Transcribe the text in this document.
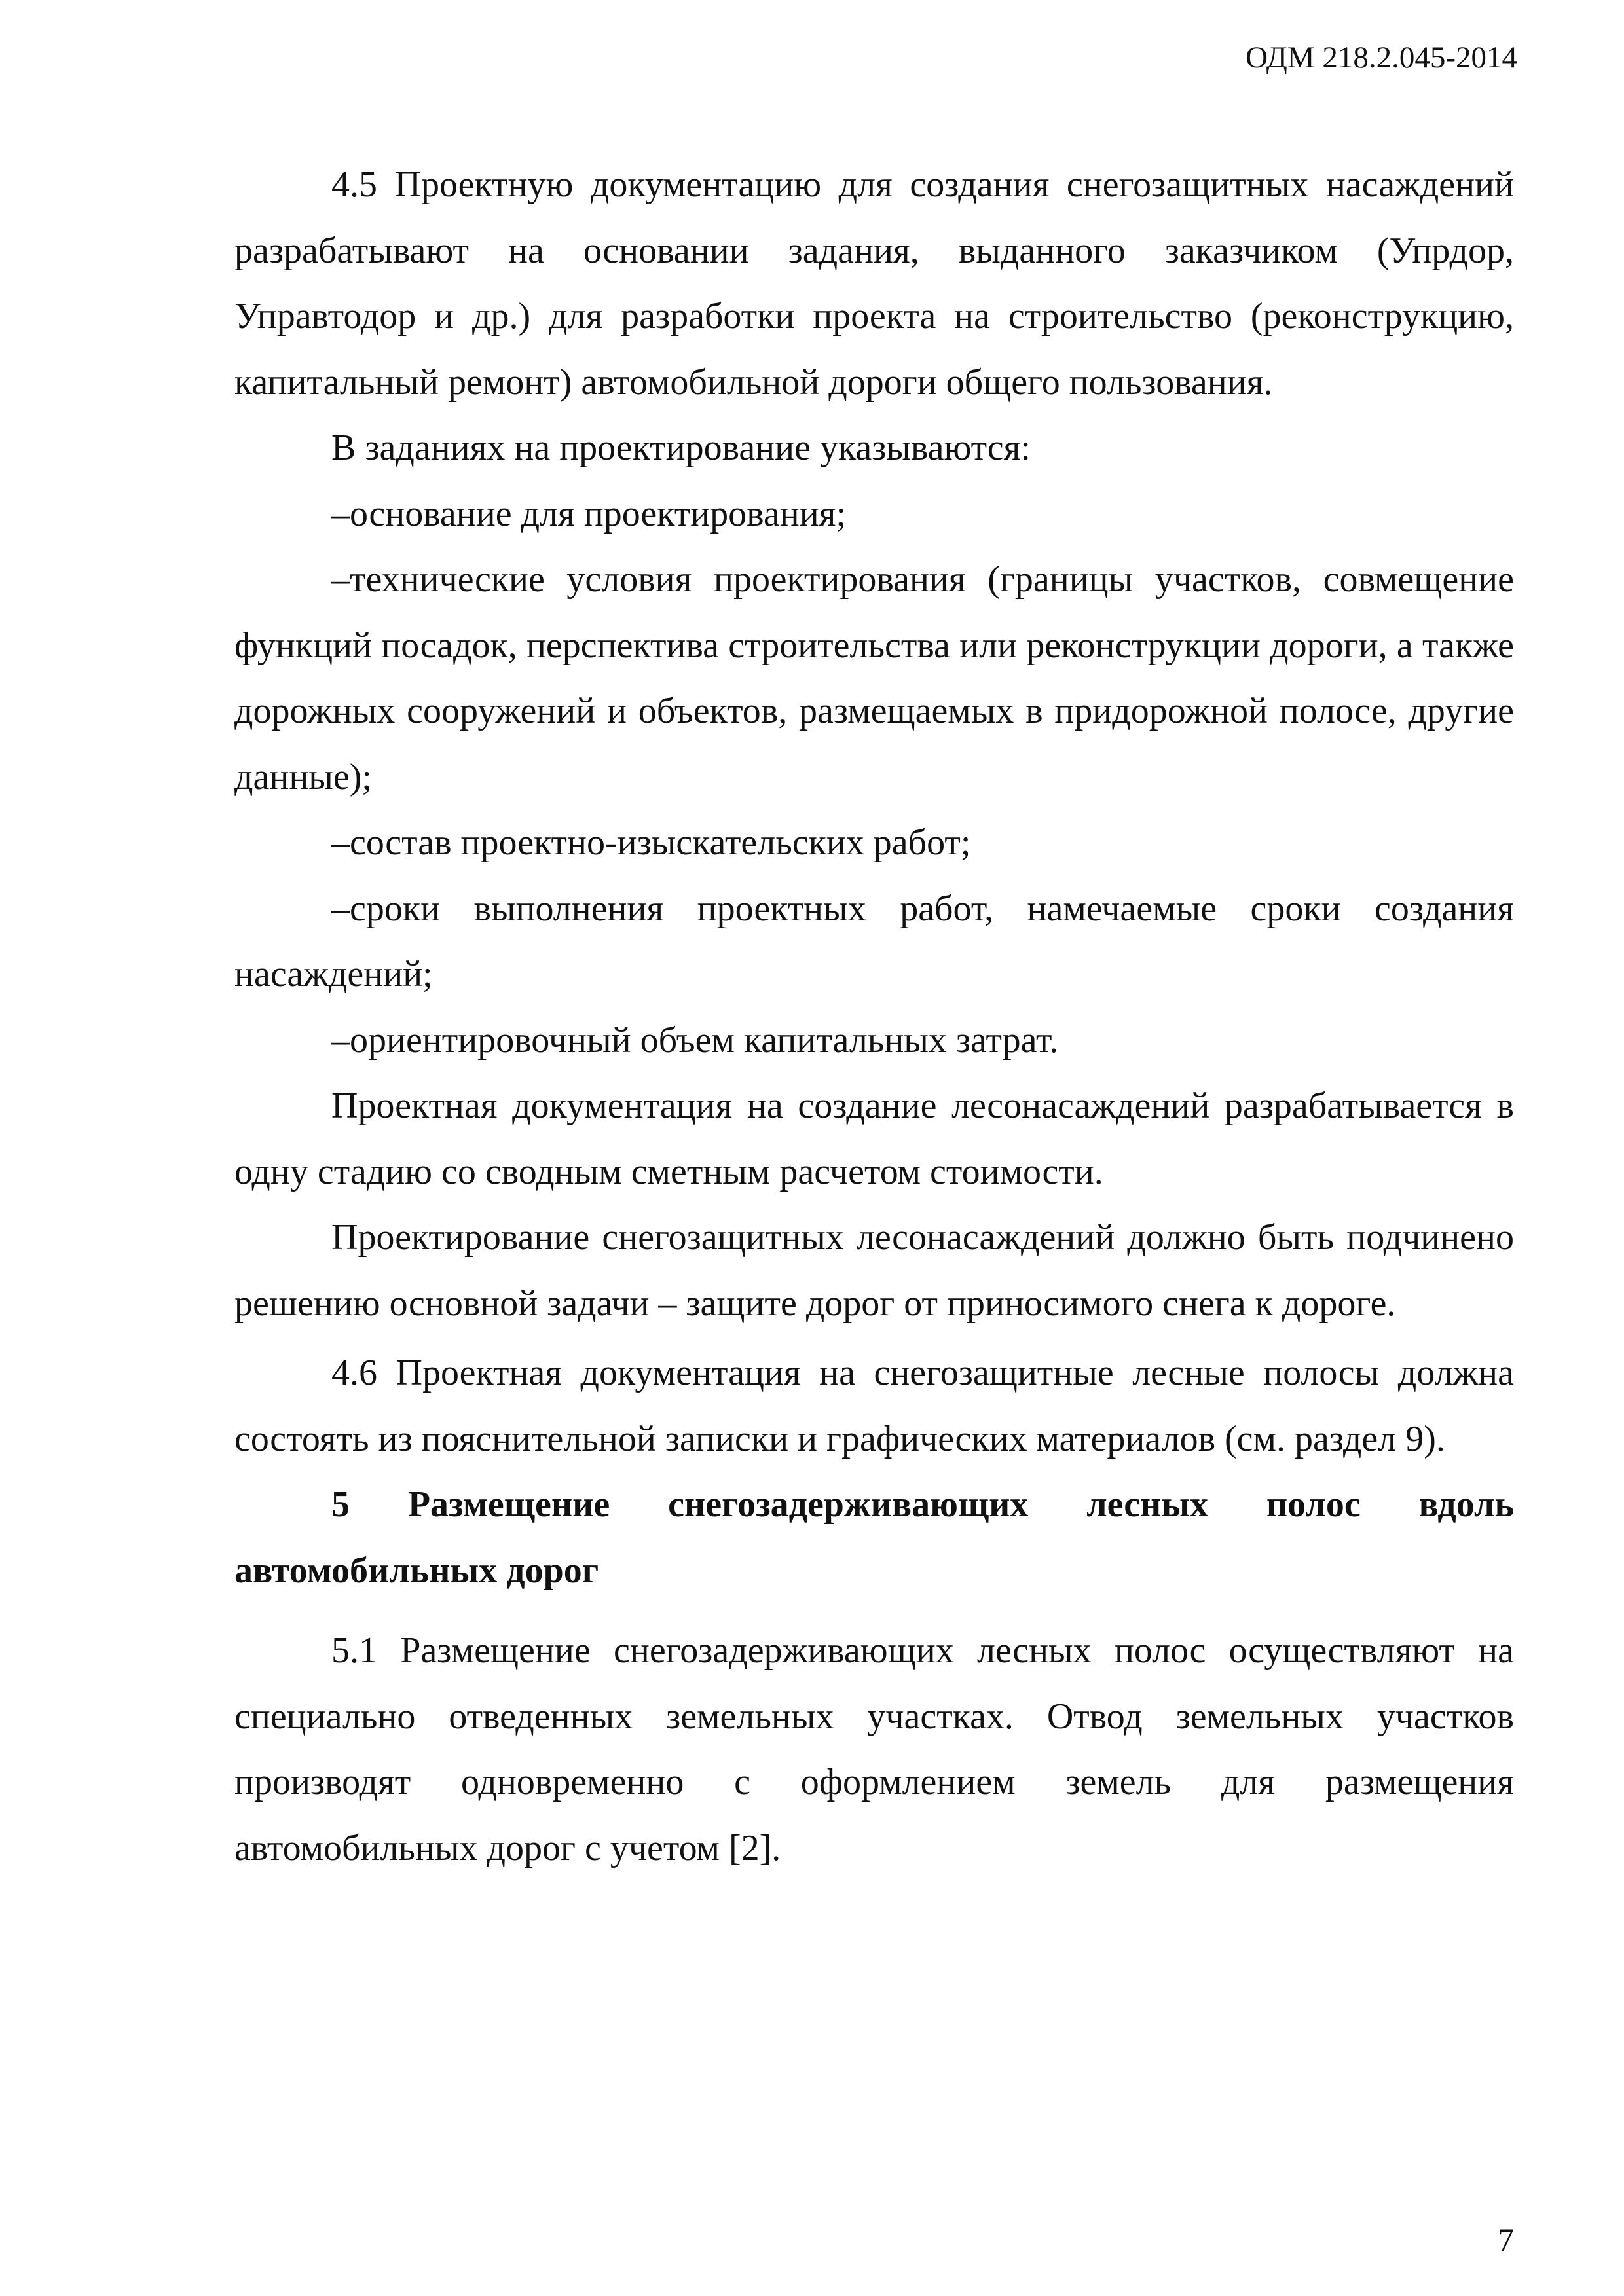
ОДМ 218.2.045-2014

4.5 Проектную документацию для создания снегозащитных насаждений разрабатывают на основании задания, выданного заказчиком (Упрдор, Управтодор и др.) для разработки проекта на строительство (реконструкцию, капитальный ремонт) автомобильной дороги общего пользования.

В заданиях на проектирование указываются:

–основание для проектирования;

–технические условия проектирования (границы участков, совмещение функций посадок, перспектива строительства или реконструкции дороги, а также дорожных сооружений и объектов, размещаемых в придорожной полосе, другие данные);

–состав проектно-изыскательских работ;

–сроки выполнения проектных работ, намечаемые сроки создания насаждений;

–ориентировочный объем капитальных затрат.

Проектная документация на создание лесонасаждений разрабатывается в одну стадию со сводным сметным расчетом стоимости.

Проектирование снегозащитных лесонасаждений должно быть подчинено решению основной задачи – защите дорог от приносимого снега к дороге.

4.6 Проектная документация на снегозащитные лесные полосы должна состоять из пояснительной записки и графических материалов (см. раздел 9).

5 Размещение снегозадерживающих лесных полос вдоль автомобильных дорог

5.1 Размещение снегозадерживающих лесных полос осуществляют на специально отведенных земельных участках. Отвод земельных участков производят одновременно с оформлением земель для размещения автомобильных дорог с учетом [2].

7
